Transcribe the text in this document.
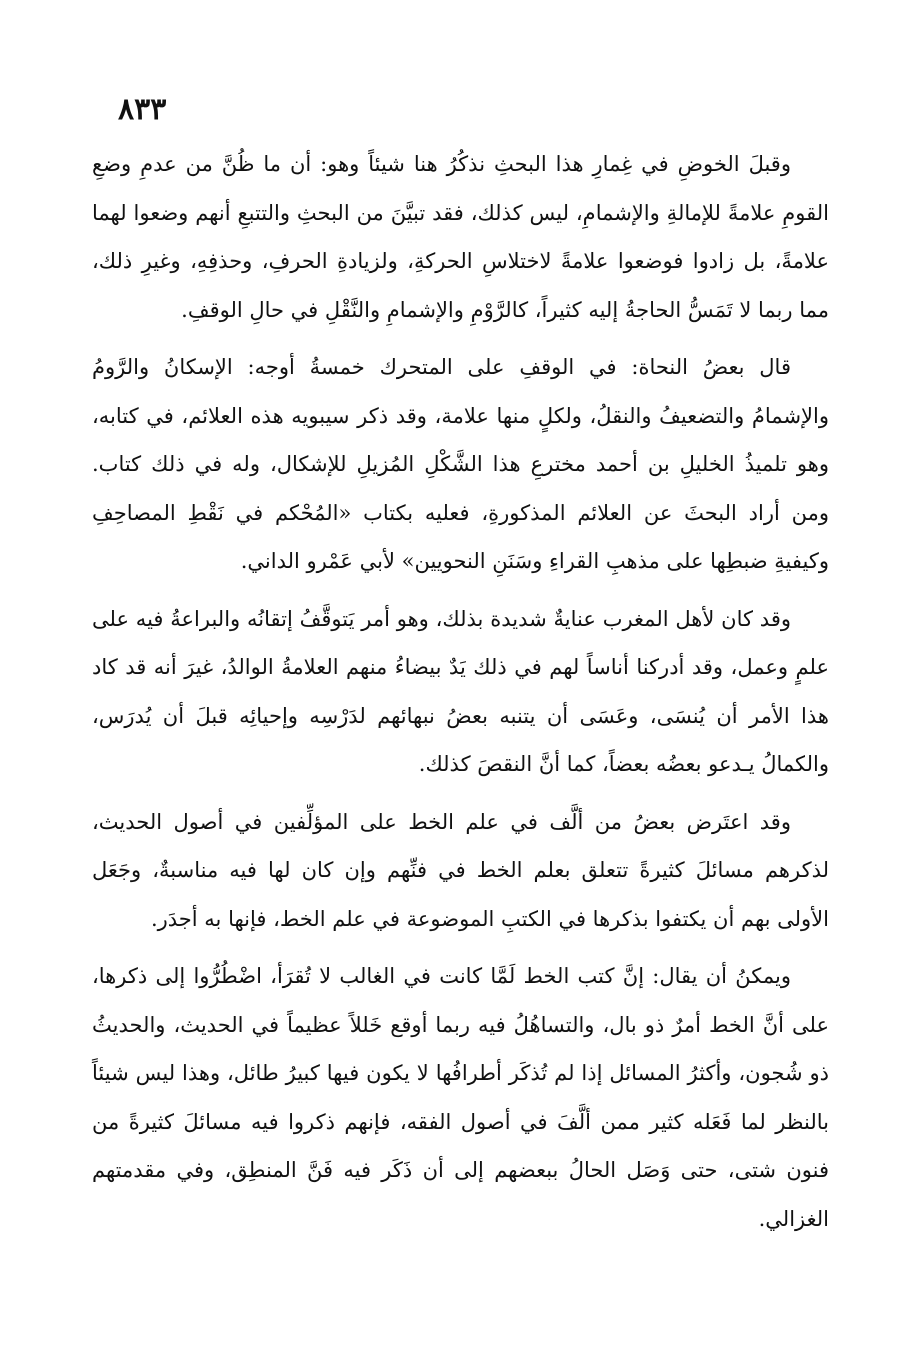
٨٣٣

وقبلَ الخوضِ في غِمارِ هذا البحثِ نذكُرُ هنا شيئاً وهو: أن ما ظُنَّ من عدمِ وضعِ القومِ علامةً للإمالةِ والإشمامِ، ليس كذلك، فقد تبيَّنَ من البحثِ والتتبعِ أنهم وضعوا لهما علامةً، بل زادوا فوضعوا علامةً لاختلاسِ الحركةِ، ولزيادةِ الحرفِ، وحذفِهِ، وغيرِ ذلك، مما ربما لا تَمَسُّ الحاجةُ إليه كثيراً، كالرَّوْمِ والإشمامِ والنَّقْلِ في حالِ الوقفِ.

قال بعضُ النحاة: في الوقفِ على المتحرك خمسةُ أوجه: الإسكانُ والرَّومُ والإشمامُ والتضعيفُ والنقلُ، ولكلٍ منها علامة، وقد ذكر سيبويه هذه العلائم، في كتابه، وهو تلميذُ الخليلِ بن أحمد مخترعِ هذا الشَّكْلِ المُزيلِ للإشكال، وله في ذلك كتاب. ومن أراد البحثَ عن العلائم المذكورةِ، فعليه بكتاب «المُحْكم في نَقْطِ المصاحِفِ وكيفيةِ ضبطِها على مذهبِ القراءِ وسَنَنِ النحويين» لأبي عَمْرو الداني.

وقد كان لأهل المغرب عنايةٌ شديدة بذلك، وهو أمر يَتوقَّفُ إتقانُه والبراعةُ فيه على علمٍ وعمل، وقد أدركنا أناساً لهم في ذلك يَدٌ بيضاءُ منهم العلامةُ الوالدُ، غيرَ أنه قد كاد هذا الأمر أن يُنسَى، وعَسَى أن يتنبه بعضُ نبهائهم لدَرْسِه وإحيائِه قبلَ أن يُدرَس، والكمالُ يـدعو بعضُه بعضاً، كما أنَّ النقصَ كذلك.

وقد اعتَرض بعضُ من ألَّف في علم الخط على المؤلِّفين في أصول الحديث، لذكرهم مسائلَ كثيرةً تتعلق بعلم الخط في فنِّهم وإن كان لها فيه مناسبةٌ، وجَعَل الأولى بهم أن يكتفوا بذكرها في الكتبِ الموضوعة في علم الخط، فإنها به أجدَر.

ويمكنُ أن يقال: إنَّ كتب الخط لَمَّا كانت في الغالب لا تُقرَأ، اضْطُرُّوا إلى ذكرها، على أنَّ الخط أمرٌ ذو بال، والتساهُلُ فيه ربما أوقع خَللاً عظيماً في الحديث، والحديثُ ذو شُجون، وأكثرُ المسائل إذا لم تُذكَر أطرافُها لا يكون فيها كبيرُ طائل، وهذا ليس شيئاً بالنظر لما فَعَله كثير ممن ألَّفَ في أصول الفقه، فإنهم ذكروا فيه مسائلَ كثيرةً من فنون شتى، حتى وَصَل الحالُ ببعضهم إلى أن ذَكَر فيه فَنَّ المنطِق، وفي مقدمتهم الغزالي.
